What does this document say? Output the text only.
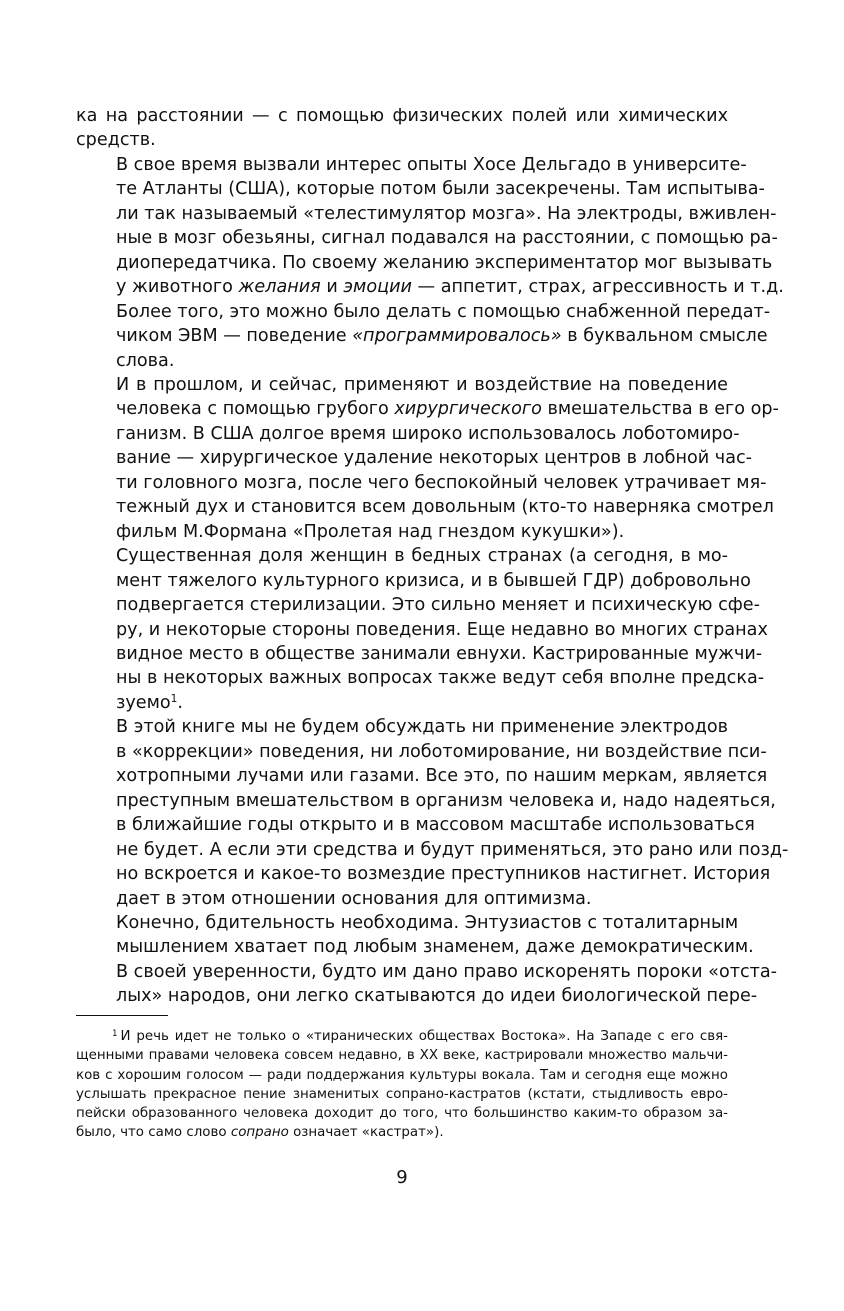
ка на расстоянии — с помощью физических полей или химических
средств.
В свое время вызвали интерес опыты Хосе Дельгадо в университе-
те Атланты (США), которые потом были засекречены. Там испытыва-
ли так называемый «телестимулятор мозга». На электроды, вживлен-
ные в мозг обезьяны, сигнал подавался на расстоянии, с помощью ра-
диопередатчика. По своему желанию экспериментатор мог вызывать
у животного желания и эмоции — аппетит, страх, агрессивность и т.д.
Более того, это можно было делать с помощью снабженной передат-
чиком ЭВМ — поведение «программировалось» в буквальном смысле
слова.
И в прошлом, и сейчас, применяют и воздействие на поведение
человека с помощью грубого хирургического вмешательства в его ор-
ганизм. В США долгое время широко использовалось лоботомиро-
вание — хирургическое удаление некоторых центров в лобной час-
ти головного мозга, после чего беспокойный человек утрачивает мя-
тежный дух и становится всем довольным (кто-то наверняка смотрел
фильм М.Формана «Пролетая над гнездом кукушки»).
Существенная доля женщин в бедных странах (а сегодня, в мо-
мент тяжелого культурного кризиса, и в бывшей ГДР) добровольно
подвергается стерилизации. Это сильно меняет и психическую сфе-
ру, и некоторые стороны поведения. Еще недавно во многих странах
видное место в обществе занимали евнухи. Кастрированные мужчи-
ны в некоторых важных вопросах также ведут себя вполне предска-
зуемо$^1$.
В этой книге мы не будем обсуждать ни применение электродов
в «коррекции» поведения, ни лоботомирование, ни воздействие пси-
хотропными лучами или газами. Все это, по нашим меркам, является
преступным вмешательством в организм человека и, надо надеяться,
в ближайшие годы открыто и в массовом масштабе использоваться
не будет. А если эти средства и будут применяться, это рано или позд-
но вскроется и какое-то возмездие преступников настигнет. История
дает в этом отношении основания для оптимизма.
Конечно, бдительность необходима. Энтузиастов с тоталитарным
мышлением хватает под любым знаменем, даже демократическим.
В своей уверенности, будто им дано право искоренять пороки «отста-
лых» народов, они легко скатываются до идеи биологической пере-
$^1$ И речь идет не только о «тиранических обществах Востока». На Западе с его свя-
щенными правами человека совсем недавно, в XX веке, кастрировали множество мальчи-
ков с хорошим голосом — ради поддержания культуры вокала. Там и сегодня еще можно
услышать прекрасное пение знаменитых сопрано-кастратов (кстати, стыдливость евро-
пейски образованного человека доходит до того, что большинство каким-то образом за-
было, что само слово сопрано означает «кастрат»).
9
